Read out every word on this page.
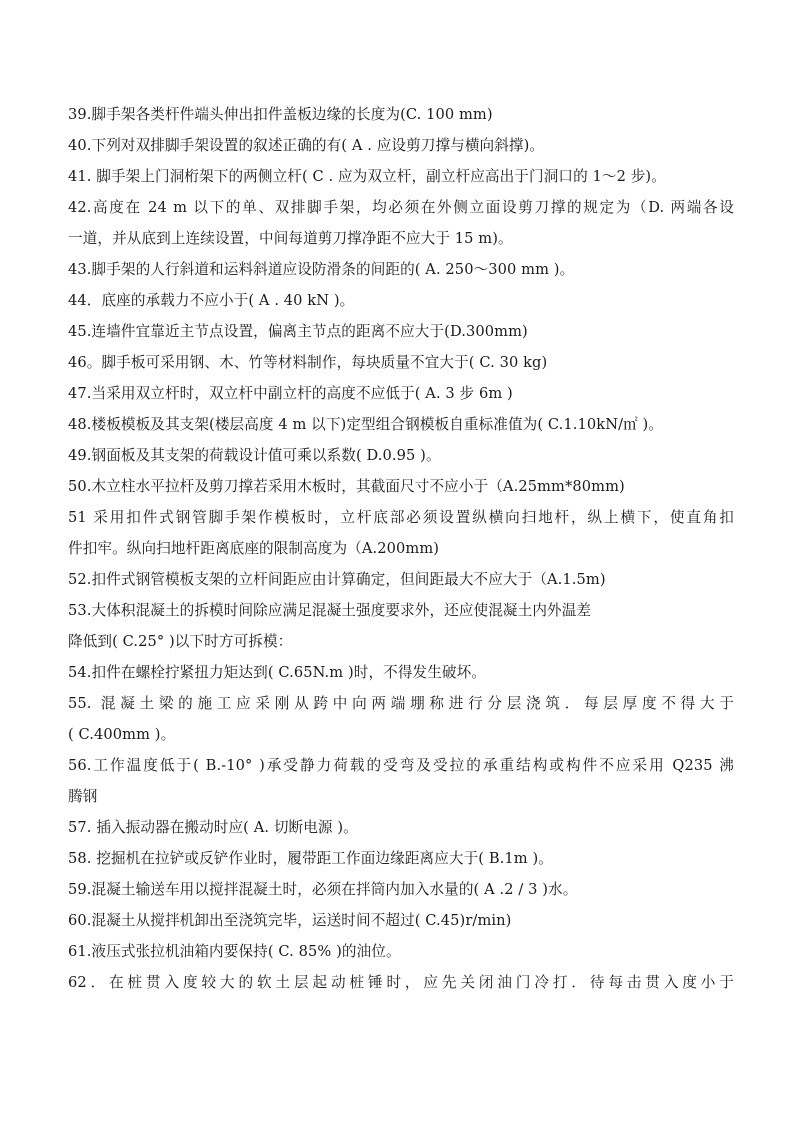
39.脚手架各类杆件端头伸出扣件盖板边缘的长度为(C. 100 mm)
40.下列对双排脚手架设置的叙述正确的有( A . 应设剪刀撑与横向斜撑)。
41. 脚手架上门洞桁架下的两侧立杆( C . 应为双立杆，副立杆应高出于门洞口的 1～2 步)。
42.高度在 24 m 以下的单、双排脚手架，均必须在外侧立面设剪刀撑的规定为（D. 两端各设
一道，并从底到上连续设置，中间每道剪刀撑净距不应大于 15 m)。
43.脚手架的人行斜道和运料斜道应设防滑条的间距的( A. 250～300 mm )。
44．底座的承载力不应小于( A . 40 kN )。
45.连墙件宜靠近主节点设置，偏离主节点的距离不应大于(D.300mm)
46。脚手板可采用钢、木、竹等材料制作，每块质量不宜大于( C. 30 kg)
47.当采用双立杆时，双立杆中副立杆的高度不应低于( A. 3 步 6m )
48.楼板模板及其支架(楼层高度 4 m 以下)定型组合钢模板自重标准值为( C.1.10kN/㎡ )。
49.钢面板及其支架的荷载设计值可乘以系数( D.0.95 )。
50.木立柱水平拉杆及剪刀撑若采用木板时，其截面尺寸不应小于（A.25mm*80mm)
51 采用扣件式钢管脚手架作模板时，立杆底部必须设置纵横向扫地杆，纵上横下，使直角扣
件扣牢。纵向扫地杆距离底座的限制高度为（A.200mm)
52.扣件式钢管模板支架的立杆间距应由计算确定，但间距最大不应大于（A.1.5m)
53.大体积混凝土的拆模时间除应满足混凝土强度要求外，还应使混凝土内外温差
降低到( C.25° )以下时方可拆模：
54.扣件在螺栓拧紧扭力矩达到( C.65N.m )时，不得发生破坏。
55. 混凝土梁的施工应采刚从跨中向两端堋称进行分层浇筑．每层厚度不得大于
( C.400mm )。
56.工作温度低于( B.-10° )承受静力荷载的受弯及受拉的承重结构或构件不应采用 Q235 沸
腾钢
57. 插入振动器在搬动时应( A. 切断电源 )。
58. 挖掘机在拉铲或反铲作业时，履带距工作面边缘距离应大于( B.1m )。
59.混凝土输送车用以搅拌混凝土时，必须在拌筒内加入水量的( A .2 / 3 )水。
60.混凝土从搅拌机卸出至浇筑完毕，运送时间不超过( C.45)r/min)
61.液压式张拉机油箱内要保持( C. 85% )的油位。
62．在桩贯入度较大的软土层起动桩锤时，应先关闭油门冷打．待每击贯入度小于
